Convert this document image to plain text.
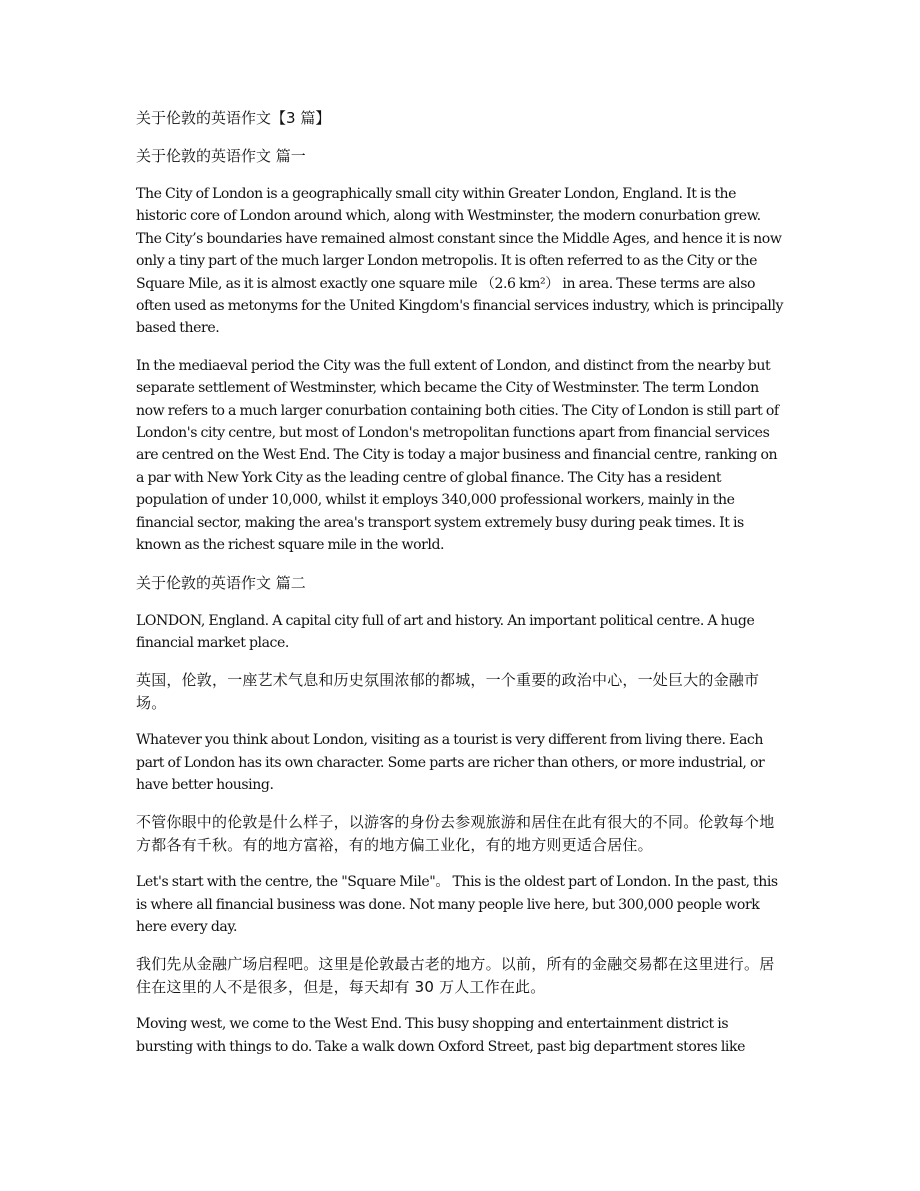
关于伦敦的英语作文【3 篇】
关于伦敦的英语作文 篇一

The City of London is a geographically small city within Greater London, England. It is the historic core of London around which, along with Westminster, the modern conurbation grew. The City’s boundaries have remained almost constant since the Middle Ages, and hence it is now only a tiny part of the much larger London metropolis. It is often referred to as the City or the Square Mile, as it is almost exactly one square mile （2.6 km²） in area. These terms are also often used as metonyms for the United Kingdom's financial services industry, which is principally based there.

In the mediaeval period the City was the full extent of London, and distinct from the nearby but separate settlement of Westminster, which became the City of Westminster. The term London now refers to a much larger conurbation containing both cities. The City of London is still part of London's city centre, but most of London's metropolitan functions apart from financial services are centred on the West End. The City is today a major business and financial centre, ranking on a par with New York City as the leading centre of global finance. The City has a resident population of under 10,000, whilst it employs 340,000 professional workers, mainly in the financial sector, making the area's transport system extremely busy during peak times. It is known as the richest square mile in the world.

关于伦敦的英语作文 篇二

LONDON, England. A capital city full of art and history. An important political centre. A huge financial market place.

英国，伦敦，一座艺术气息和历史氛围浓郁的都城，一个重要的政治中心，一处巨大的金融市场。

Whatever you think about London, visiting as a tourist is very different from living there. Each part of London has its own character. Some parts are richer than others, or more industrial, or have better housing.

不管你眼中的伦敦是什么样子，以游客的身份去参观旅游和居住在此有很大的不同。伦敦每个地方都各有千秋。有的地方富裕，有的地方偏工业化，有的地方则更适合居住。

Let's start with the centre, the "Square Mile"。 This is the oldest part of London. In the past, this is where all financial business was done. Not many people live here, but 300,000 people work here every day.

我们先从金融广场启程吧。这里是伦敦最古老的地方。以前，所有的金融交易都在这里进行。居住在这里的人不是很多，但是，每天却有 30 万人工作在此。

Moving west, we come to the West End. This busy shopping and entertainment district is bursting with things to do. Take a walk down Oxford Street, past big department stores like
